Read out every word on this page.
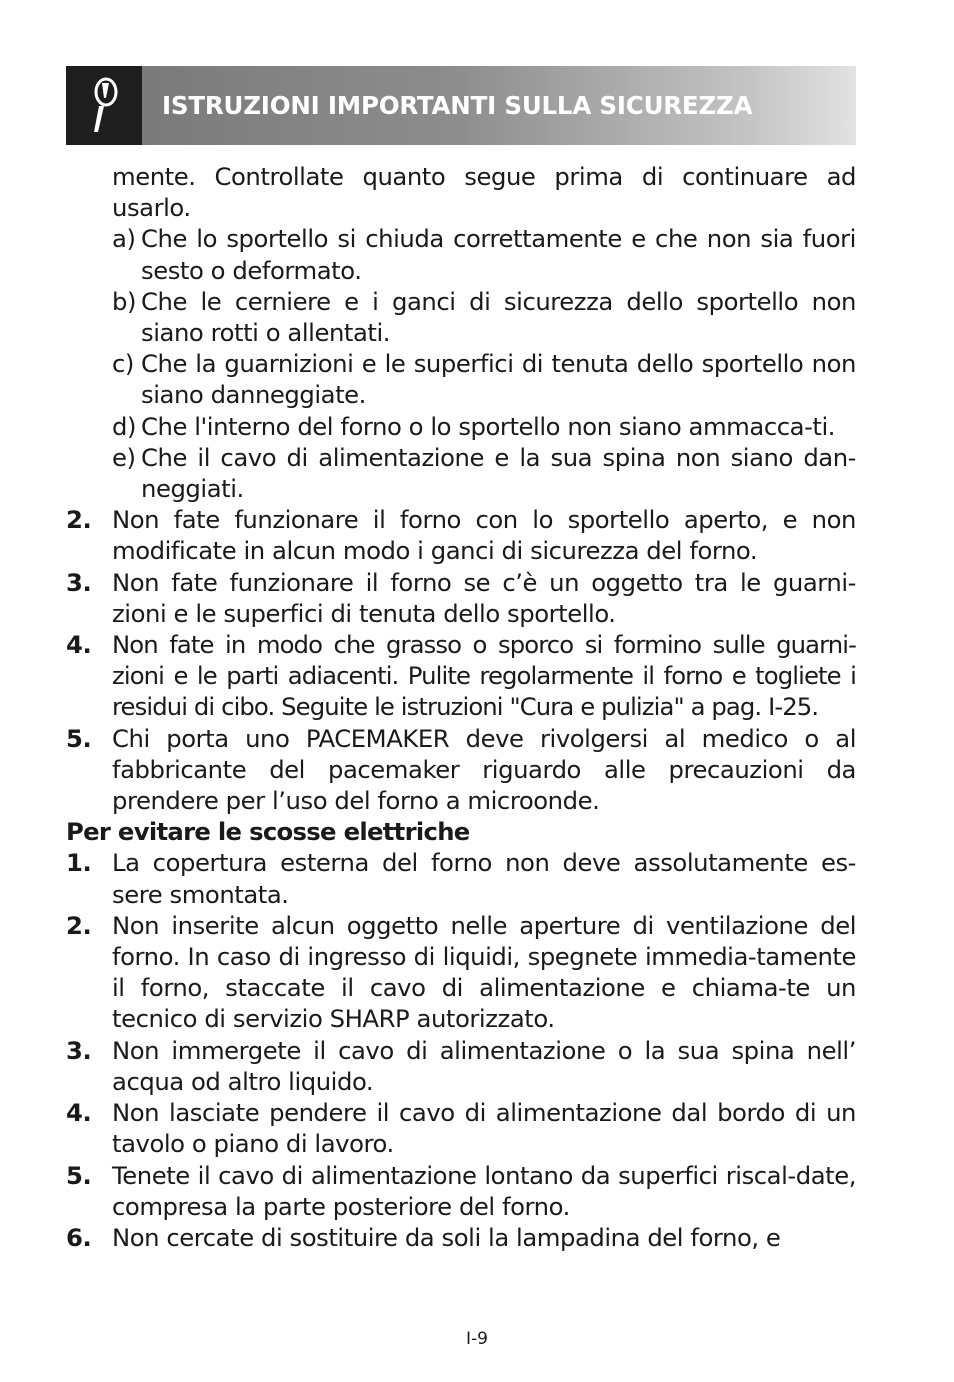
ISTRUZIONI IMPORTANTI SULLA SICUREZZA

mente. Controllate quanto segue prima di continuare ad usarlo.

a) Che lo sportello si chiuda correttamente e che non sia fuori sesto o deformato.
b) Che le cerniere e i ganci di sicurezza dello sportello non siano rotti o allentati.
c) Che la guarnizioni e le superfici di tenuta dello sportello non siano danneggiate.
d) Che l'interno del forno o lo sportello non siano ammacca-ti.
e) Che il cavo di alimentazione e la sua spina non siano dan-neggiati.
2. Non fate funzionare il forno con lo sportello aperto, e non modificate in alcun modo i ganci di sicurezza del forno.
3. Non fate funzionare il forno se c’è un oggetto tra le guarni-zioni e le superfici di tenuta dello sportello.
4. Non fate in modo che grasso o sporco si formino sulle guarni-zioni e le parti adiacenti. Pulite regolarmente il forno e togliete i residui di cibo. Seguite le istruzioni "Cura e pulizia" a pag. I-25.
5. Chi porta uno PACEMAKER deve rivolgersi al medico o al fabbricante del pacemaker riguardo alle precauzioni da prendere per l’uso del forno a microonde.
Per evitare le scosse elettriche
1. La copertura esterna del forno non deve assolutamente es-sere smontata.
2. Non inserite alcun oggetto nelle aperture di ventilazione del forno. In caso di ingresso di liquidi, spegnete immedia-tamente il forno, staccate il cavo di alimentazione e chiama-te un tecnico di servizio SHARP autorizzato.
3. Non immergete il cavo di alimentazione o la sua spina nell’ acqua od altro liquido.
4. Non lasciate pendere il cavo di alimentazione dal bordo di un tavolo o piano di lavoro.
5. Tenete il cavo di alimentazione lontano da superfici riscal-date, compresa la parte posteriore del forno.
6. Non cercate di sostituire da soli la lampadina del forno, e
I-9
